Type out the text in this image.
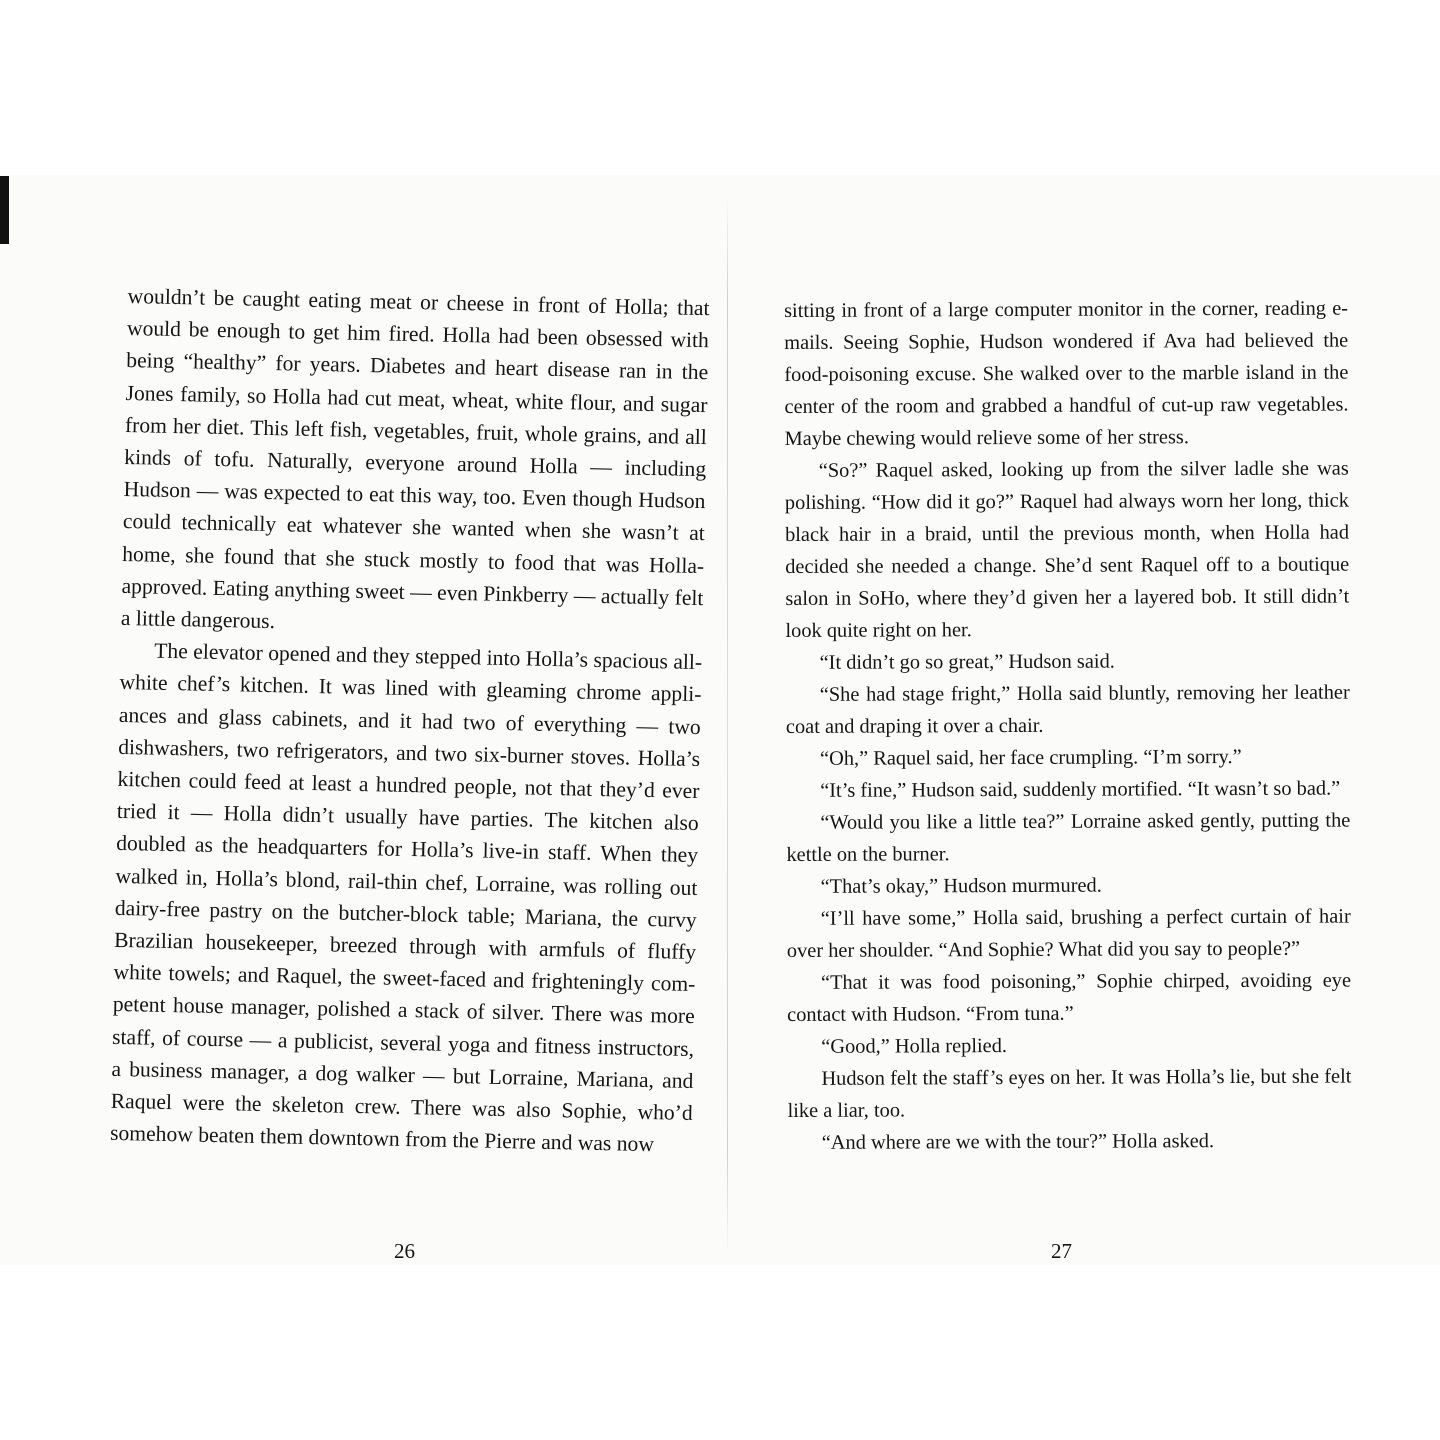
wouldn’t be caught eating meat or cheese in front of Holla; that would be enough to get him fired. Holla had been obsessed with being “healthy” for years. Diabetes and heart disease ran in the Jones family, so Holla had cut meat, wheat, white flour, and sugar from her diet. This left fish, vegetables, fruit, whole grains, and all kinds of tofu. Naturally, everyone around Holla — including Hudson — was expected to eat this way, too. Even though Hudson could technically eat whatever she wanted when she wasn’t at home, she found that she stuck mostly to food that was Holla-approved. Eating anything sweet — even Pinkberry — actually felt a little dangerous.

The elevator opened and they stepped into Holla’s spacious all-white chef’s kitchen. It was lined with gleaming chrome appliances and glass cabinets, and it had two of everything — two dishwashers, two refrigerators, and two six-burner stoves. Holla’s kitchen could feed at least a hundred people, not that they’d ever tried it — Holla didn’t usually have parties. The kitchen also doubled as the headquarters for Holla’s live-in staff. When they walked in, Holla’s blond, rail-thin chef, Lorraine, was rolling out dairy-free pastry on the butcher-block table; Mariana, the curvy Brazilian housekeeper, breezed through with armfuls of fluffy white towels; and Raquel, the sweet-faced and frighteningly competent house manager, polished a stack of silver. There was more staff, of course — a publicist, several yoga and fitness instructors, a business manager, a dog walker — but Lorraine, Mariana, and Raquel were the skeleton crew. There was also Sophie, who’d somehow beaten them downtown from the Pierre and was now

sitting in front of a large computer monitor in the corner, reading e-mails. Seeing Sophie, Hudson wondered if Ava had believed the food-poisoning excuse. She walked over to the marble island in the center of the room and grabbed a handful of cut-up raw vegetables. Maybe chewing would relieve some of her stress.

“So?” Raquel asked, looking up from the silver ladle she was polishing. “How did it go?” Raquel had always worn her long, thick black hair in a braid, until the previous month, when Holla had decided she needed a change. She’d sent Raquel off to a boutique salon in SoHo, where they’d given her a layered bob. It still didn’t look quite right on her.

“It didn’t go so great,” Hudson said.

“She had stage fright,” Holla said bluntly, removing her leather coat and draping it over a chair.

“Oh,” Raquel said, her face crumpling. “I’m sorry.”

“It’s fine,” Hudson said, suddenly mortified. “It wasn’t so bad.”

“Would you like a little tea?” Lorraine asked gently, putting the kettle on the burner.

“That’s okay,” Hudson murmured.

“I’ll have some,” Holla said, brushing a perfect curtain of hair over her shoulder. “And Sophie? What did you say to people?”

“That it was food poisoning,” Sophie chirped, avoiding eye contact with Hudson. “From tuna.”

“Good,” Holla replied.

Hudson felt the staff’s eyes on her. It was Holla’s lie, but she felt like a liar, too.

“And where are we with the tour?” Holla asked.

26	27
